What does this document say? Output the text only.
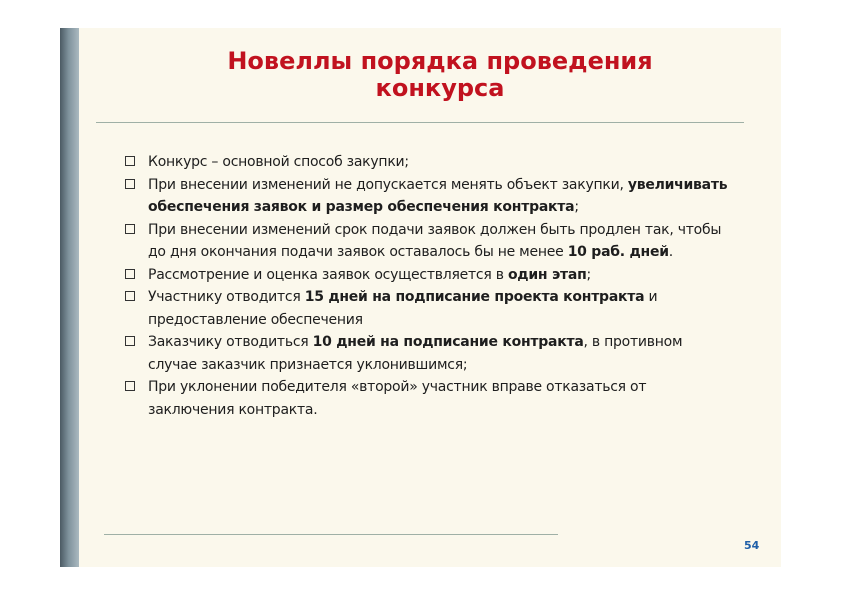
Новеллы порядка проведения
конкурса
Конкурс – основной способ закупки;
При внесении изменений не допускается менять объект закупки, увеличивать обеспечения заявок и размер обеспечения контракта;
При внесении изменений срок подачи заявок должен быть продлен так, чтобы до дня окончания подачи заявок оставалось бы не менее 10 раб. дней.
Рассмотрение и оценка заявок осуществляется в один этап;
Участнику отводится 15 дней на подписание проекта контракта и предоставление обеспечения
Заказчику отводиться 10 дней на подписание контракта, в противном случае заказчик признается уклонившимся;
При уклонении победителя «второй» участник вправе отказаться от заключения контракта.
54
